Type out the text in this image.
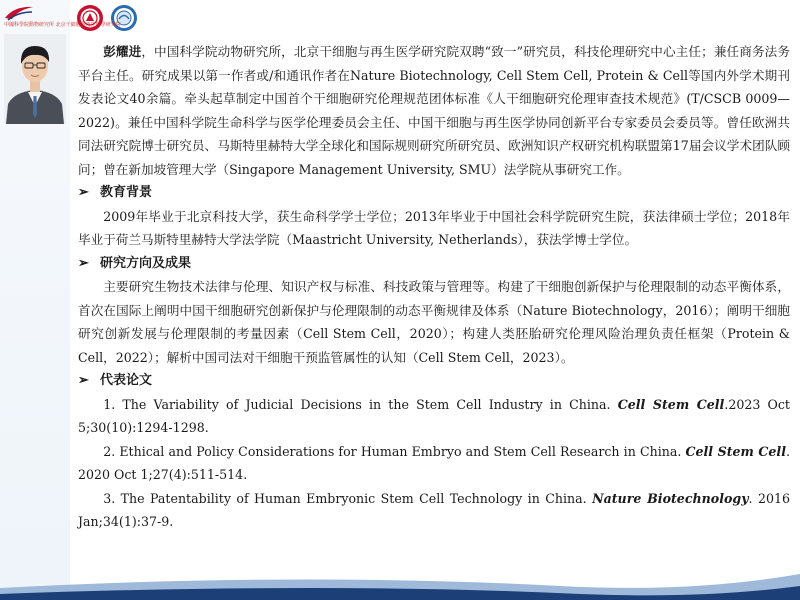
中國科學院動物研究所 北京干細胞與再生醫學研究院

彭耀进，中国科学院动物研究所，北京干细胞与再生医学研究院双聘“致一”研究员，科技伦理研究中心主任；兼任商务法务平台主任。研究成果以第一作者或/和通讯作者在Nature Biotechnology, Cell Stem Cell, Protein & Cell等国内外学术期刊发表论文40余篇。牵头起草制定中国首个干细胞研究伦理规范团体标准《人干细胞研究伦理审查技术规范》(T/CSCB 0009—2022)。兼任中国科学院生命科学与医学伦理委员会主任、中国干细胞与再生医学协同创新平台专家委员会委员等。曾任欧洲共同法研究院博士研究员、马斯特里赫特大学全球化和国际规则研究所研究员、欧洲知识产权研究机构联盟第17届会议学术团队顾问；曾在新加坡管理大学（Singapore Management University, SMU）法学院从事研究工作。

➢ 教育背景

2009年毕业于北京科技大学，获生命科学学士学位；2013年毕业于中国社会科学院研究生院，获法律硕士学位；2018年毕业于荷兰马斯特里赫特大学法学院（Maastricht University, Netherlands），获法学博士学位。

➢ 研究方向及成果

主要研究生物技术法律与伦理、知识产权与标准、科技政策与管理等。构建了干细胞创新保护与伦理限制的动态平衡体系，首次在国际上阐明中国干细胞研究创新保护与伦理限制的动态平衡规律及体系（Nature Biotechnology，2016）；阐明干细胞研究创新发展与伦理限制的考量因素（Cell Stem Cell，2020）；构建人类胚胎研究伦理风险治理负责任框架（Protein & Cell，2022）；解析中国司法对干细胞干预监管属性的认知（Cell Stem Cell，2023）。

➢ 代表论文

1. The Variability of Judicial Decisions in the Stem Cell Industry in China. Cell Stem Cell.2023 Oct 5;30(10):1294-1298.

2. Ethical and Policy Considerations for Human Embryo and Stem Cell Research in China. Cell Stem Cell. 2020 Oct 1;27(4):511-514.

3. The Patentability of Human Embryonic Stem Cell Technology in China. Nature Biotechnology. 2016 Jan;34(1):37-9.
